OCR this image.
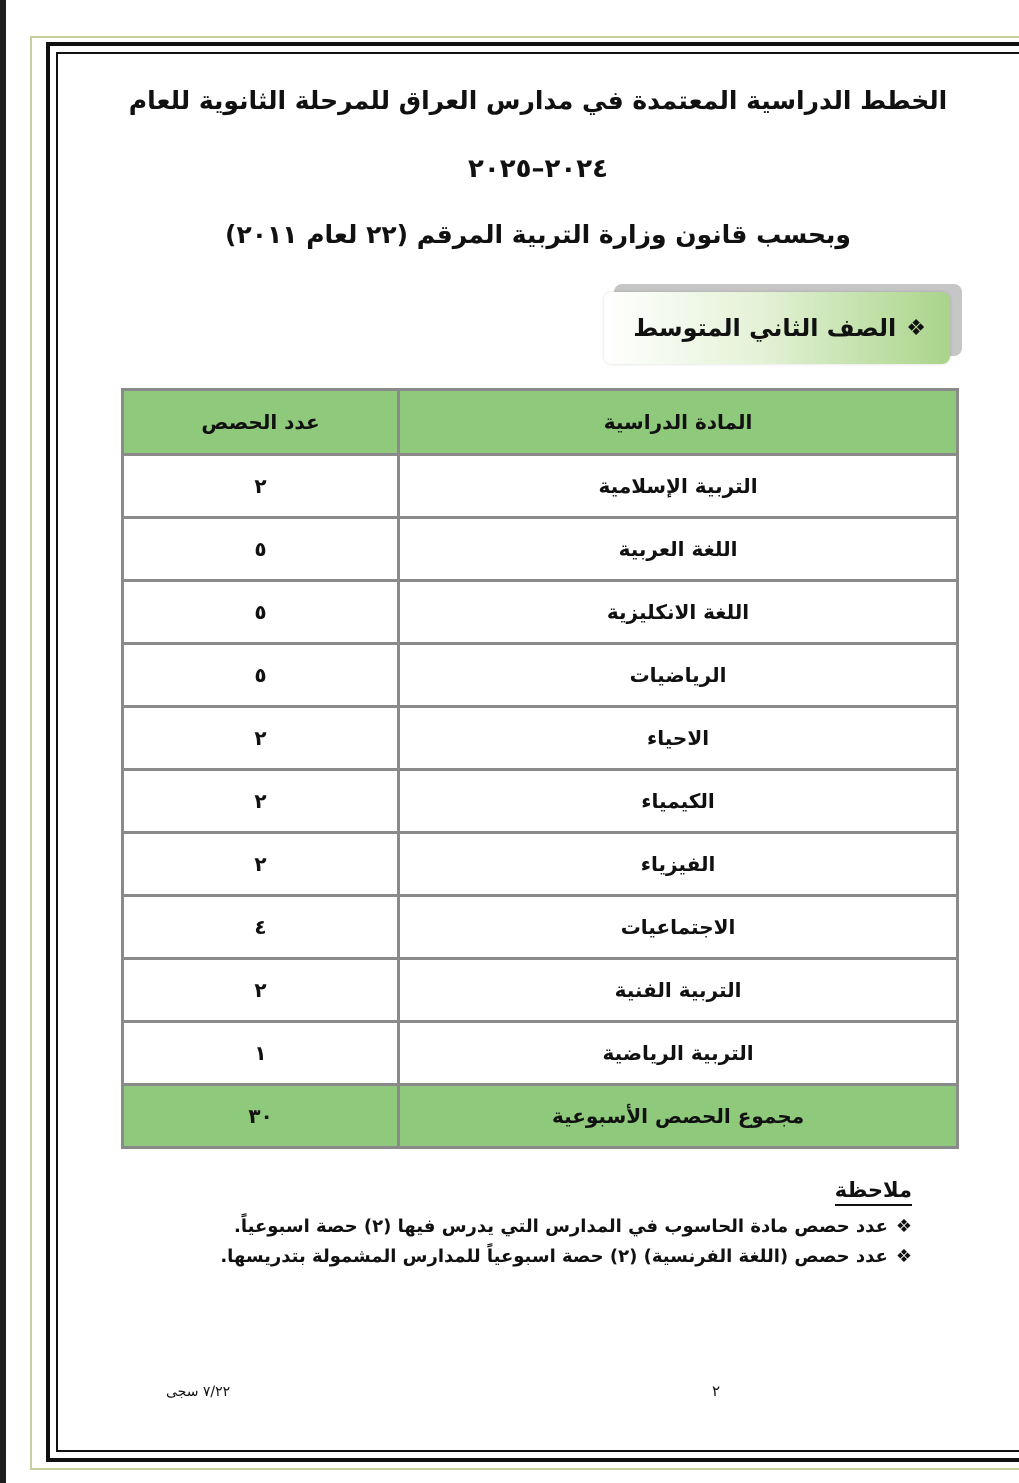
الخطط الدراسية المعتمدة في مدارس العراق للمرحلة الثانوية للعام
٢٠٢٤–٢٠٢٥
وبحسب قانون وزارة التربية المرقم (٢٢ لعام ٢٠١١)
❖
الصف الثاني المتوسط
المادة الدراسية	عدد الحصص
التربية الإسلامية	٢
اللغة العربية	٥
اللغة الانكليزية	٥
الرياضيات	٥
الاحياء	٢
الكيمياء	٢
الفيزياء	٢
الاجتماعيات	٤
التربية الفنية	٢
التربية الرياضية	١
مجموع الحصص الأسبوعية	٣٠
ملاحظة
❖عدد حصص مادة الحاسوب في المدارس التي يدرس فيها (٢) حصة اسبوعياً.
❖عدد حصص (اللغة الفرنسية) (٢) حصة اسبوعياً للمدارس المشمولة بتدريسها.
٢
٧/٢٢ سجى
